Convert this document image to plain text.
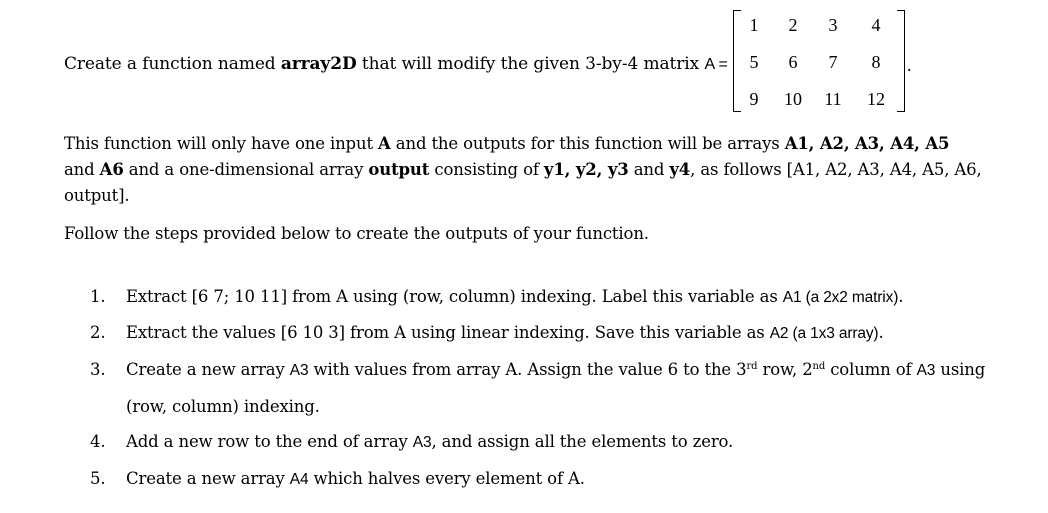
Create a function named array2D that will modify the given 3-by-4 matrix A =
1	2	3	4
5	6	7	8
9	10 11 12
.
This function will only have one input A and the outputs for this function will be arrays A1, A2, A3, A4, A5
and A6 and a one-dimensional array output consisting of y1, y2, y3 and y4, as follows [A1, A2, A3, A4, A5, A6, output].
Follow the steps provided below to create the outputs of your function.
1.	Extract [6 7; 10 11] from A using (row, column) indexing. Label this variable as A1 (a 2x2 matrix).
2.	Extract the values [6 10 3] from A using linear indexing. Save this variable as A2 (a 1x3 array).
3.	Create a new array A3 with values from array A. Assign the value 6 to the 3rd row, 2nd column of A3 using
(row, column) indexing.
4.	Add a new row to the end of array A3, and assign all the elements to zero.
5.	Create a new array A4 which halves every element of A.
